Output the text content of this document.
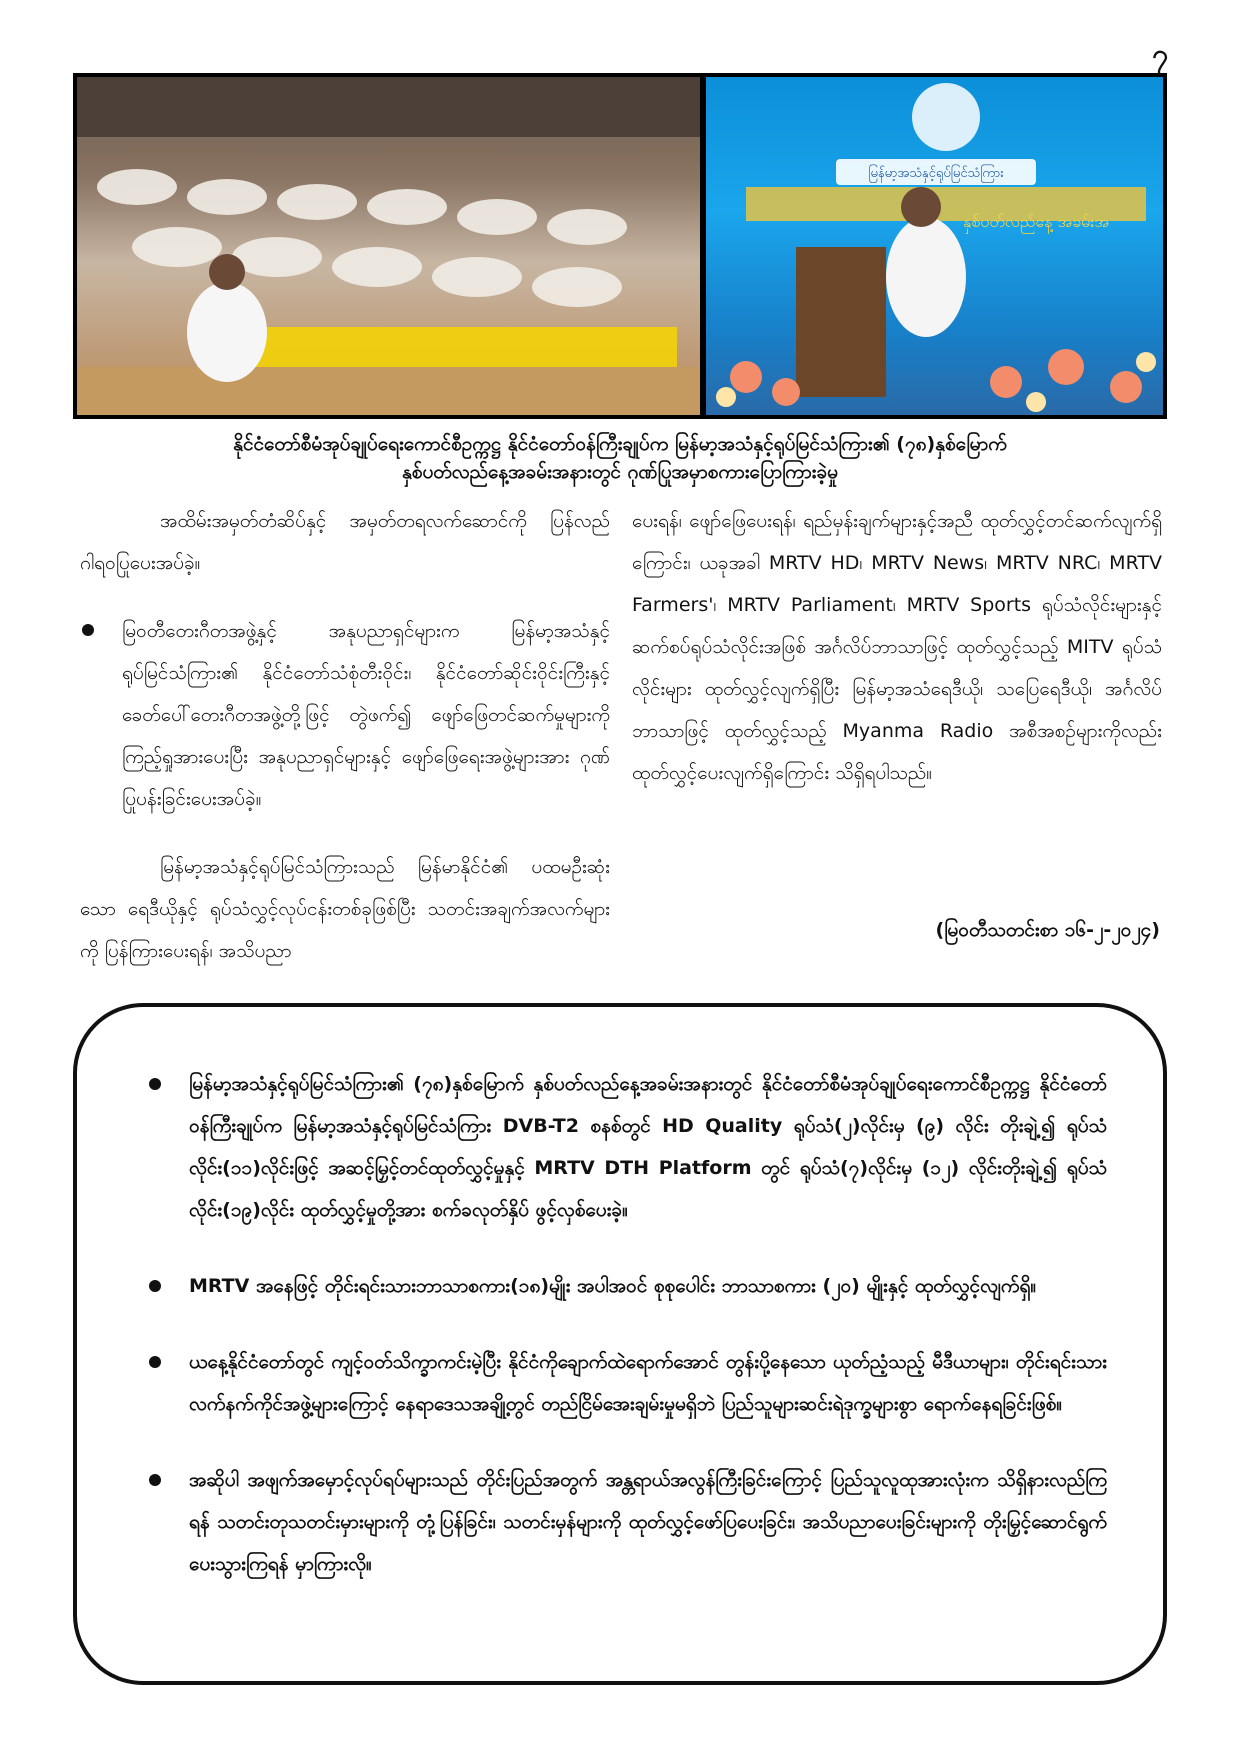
၇
မြန်မာ့အသံနှင့်ရုပ်မြင်သံကြား
နှစ်ပတ်လည်နေ့ အခမ်းအ
နိုင်ငံတော်စီမံအုပ်ချုပ်ရေးကောင်စီဥက္ကဋ္ဌ နိုင်ငံတော်ဝန်ကြီးချုပ်က မြန်မာ့အသံနှင့်ရုပ်မြင်သံကြား၏ (၇၈)နှစ်မြောက်
နှစ်ပတ်လည်နေ့အခမ်းအနားတွင် ဂုဏ်ပြုအမှာစကားပြောကြားခဲ့မှု

အထိမ်းအမှတ်တံဆိပ်နှင့် အမှတ်တရလက်ဆောင်ကို ပြန်လည်ဂါရဝပြုပေးအပ်ခဲ့။

မြဝတီတေးဂီတအဖွဲ့နှင့် အနုပညာရှင်များက မြန်မာ့အသံနှင့်ရုပ်မြင်သံကြား၏ နိုင်ငံတော်သံစုံတီးဝိုင်း၊ နိုင်ငံတော်ဆိုင်းဝိုင်းကြီးနှင့် ခေတ်ပေါ်တေးဂီတအဖွဲ့တို့ဖြင့် တွဲဖက်၍ ဖျော်ဖြေတင်ဆက်မှုများကို ကြည့်ရှုအားပေးပြီး အနုပညာရှင်များနှင့် ဖျော်ဖြေရေးအဖွဲ့များအား ဂုဏ်ပြုပန်းခြင်းပေးအပ်ခဲ့။

မြန်မာ့အသံနှင့်ရုပ်မြင်သံကြားသည် မြန်မာနိုင်ငံ၏ ပထမဦးဆုံးသော ရေဒီယိုနှင့် ရုပ်သံလွှင့်လုပ်ငန်းတစ်ခုဖြစ်ပြီး သတင်းအချက်အလက်များကို ပြန်ကြားပေးရန်၊ အသိပညာ

ပေးရန်၊ ဖျော်ဖြေပေးရန်၊ ရည်မှန်းချက်များနှင့်အညီ ထုတ်လွှင့်တင်ဆက်လျက်ရှိကြောင်း၊ ယခုအခါ MRTV HD၊ MRTV News၊ MRTV NRC၊ MRTV Farmers'၊ MRTV Parliament၊ MRTV Sports ရုပ်သံလိုင်းများနှင့် ဆက်စပ်ရုပ်သံလိုင်းအဖြစ် အင်္ဂလိပ်ဘာသာဖြင့် ထုတ်လွှင့်သည့် MITV ရုပ်သံလိုင်းများ ထုတ်လွှင့်လျက်ရှိပြီး မြန်မာ့အသံရေဒီယို၊ သပြေရေဒီယို၊ အင်္ဂလိပ်ဘာသာဖြင့် ထုတ်လွှင့်သည့် Myanma Radio အစီအစဉ်များကိုလည်း ထုတ်လွှင့်ပေးလျက်ရှိကြောင်း သိရှိရပါသည်။

(မြဝတီသတင်းစာ ၁၆-၂-၂၀၂၄)
မြန်မာ့အသံနှင့်ရုပ်မြင်သံကြား၏ (၇၈)နှစ်မြောက် နှစ်ပတ်လည်နေ့အခမ်းအနားတွင် နိုင်ငံတော်စီမံအုပ်ချုပ်ရေးကောင်စီဥက္ကဋ္ဌ နိုင်ငံတော်ဝန်ကြီးချုပ်က မြန်မာ့အသံနှင့်ရုပ်မြင်သံကြား DVB-T2 စနစ်တွင် HD Quality ရုပ်သံ(၂)လိုင်းမှ (၉) လိုင်း တိုးချဲ့၍ ရုပ်သံလိုင်း(၁၁)လိုင်းဖြင့် အဆင့်မြှင့်တင်ထုတ်လွှင့်မှုနှင့် MRTV DTH Platform တွင် ရုပ်သံ(၇)လိုင်းမှ (၁၂) လိုင်းတိုးချဲ့၍ ရုပ်သံလိုင်း(၁၉)လိုင်း ထုတ်လွှင့်မှုတို့အား စက်ခလုတ်နှိပ် ဖွင့်လှစ်ပေးခဲ့။
MRTV အနေဖြင့် တိုင်းရင်းသားဘာသာစကား(၁၈)မျိုး အပါအဝင် စုစုပေါင်း ဘာသာစကား (၂၀) မျိုးနှင့် ထုတ်လွှင့်လျက်ရှိ။
ယနေ့နိုင်ငံတော်တွင် ကျင့်ဝတ်သိက္ခာကင်းမဲ့ပြီး နိုင်ငံကိုချောက်ထဲရောက်အောင် တွန်းပို့နေသော ယုတ်ညံ့သည့် မီဒီယာများ၊ တိုင်းရင်းသားလက်နက်ကိုင်အဖွဲ့များကြောင့် နေရာဒေသအချို့တွင် တည်ငြိမ်အေးချမ်းမှုမရှိဘဲ ပြည်သူများဆင်းရဲဒုက္ခများစွာ ရောက်နေရခြင်းဖြစ်။
အဆိုပါ အဖျက်အမှောင့်လုပ်ရပ်များသည် တိုင်းပြည်အတွက် အန္တရာယ်အလွန်ကြီးခြင်းကြောင့် ပြည်သူလူထုအားလုံးက သိရှိနားလည်ကြရန် သတင်းတုသတင်းမှားများကို တုံ့ပြန်ခြင်း၊ သတင်းမှန်များကို ထုတ်လွှင့်ဖော်ပြပေးခြင်း၊ အသိပညာပေးခြင်းများကို တိုးမြှင့်ဆောင်ရွက်ပေးသွားကြရန် မှာကြားလို။
